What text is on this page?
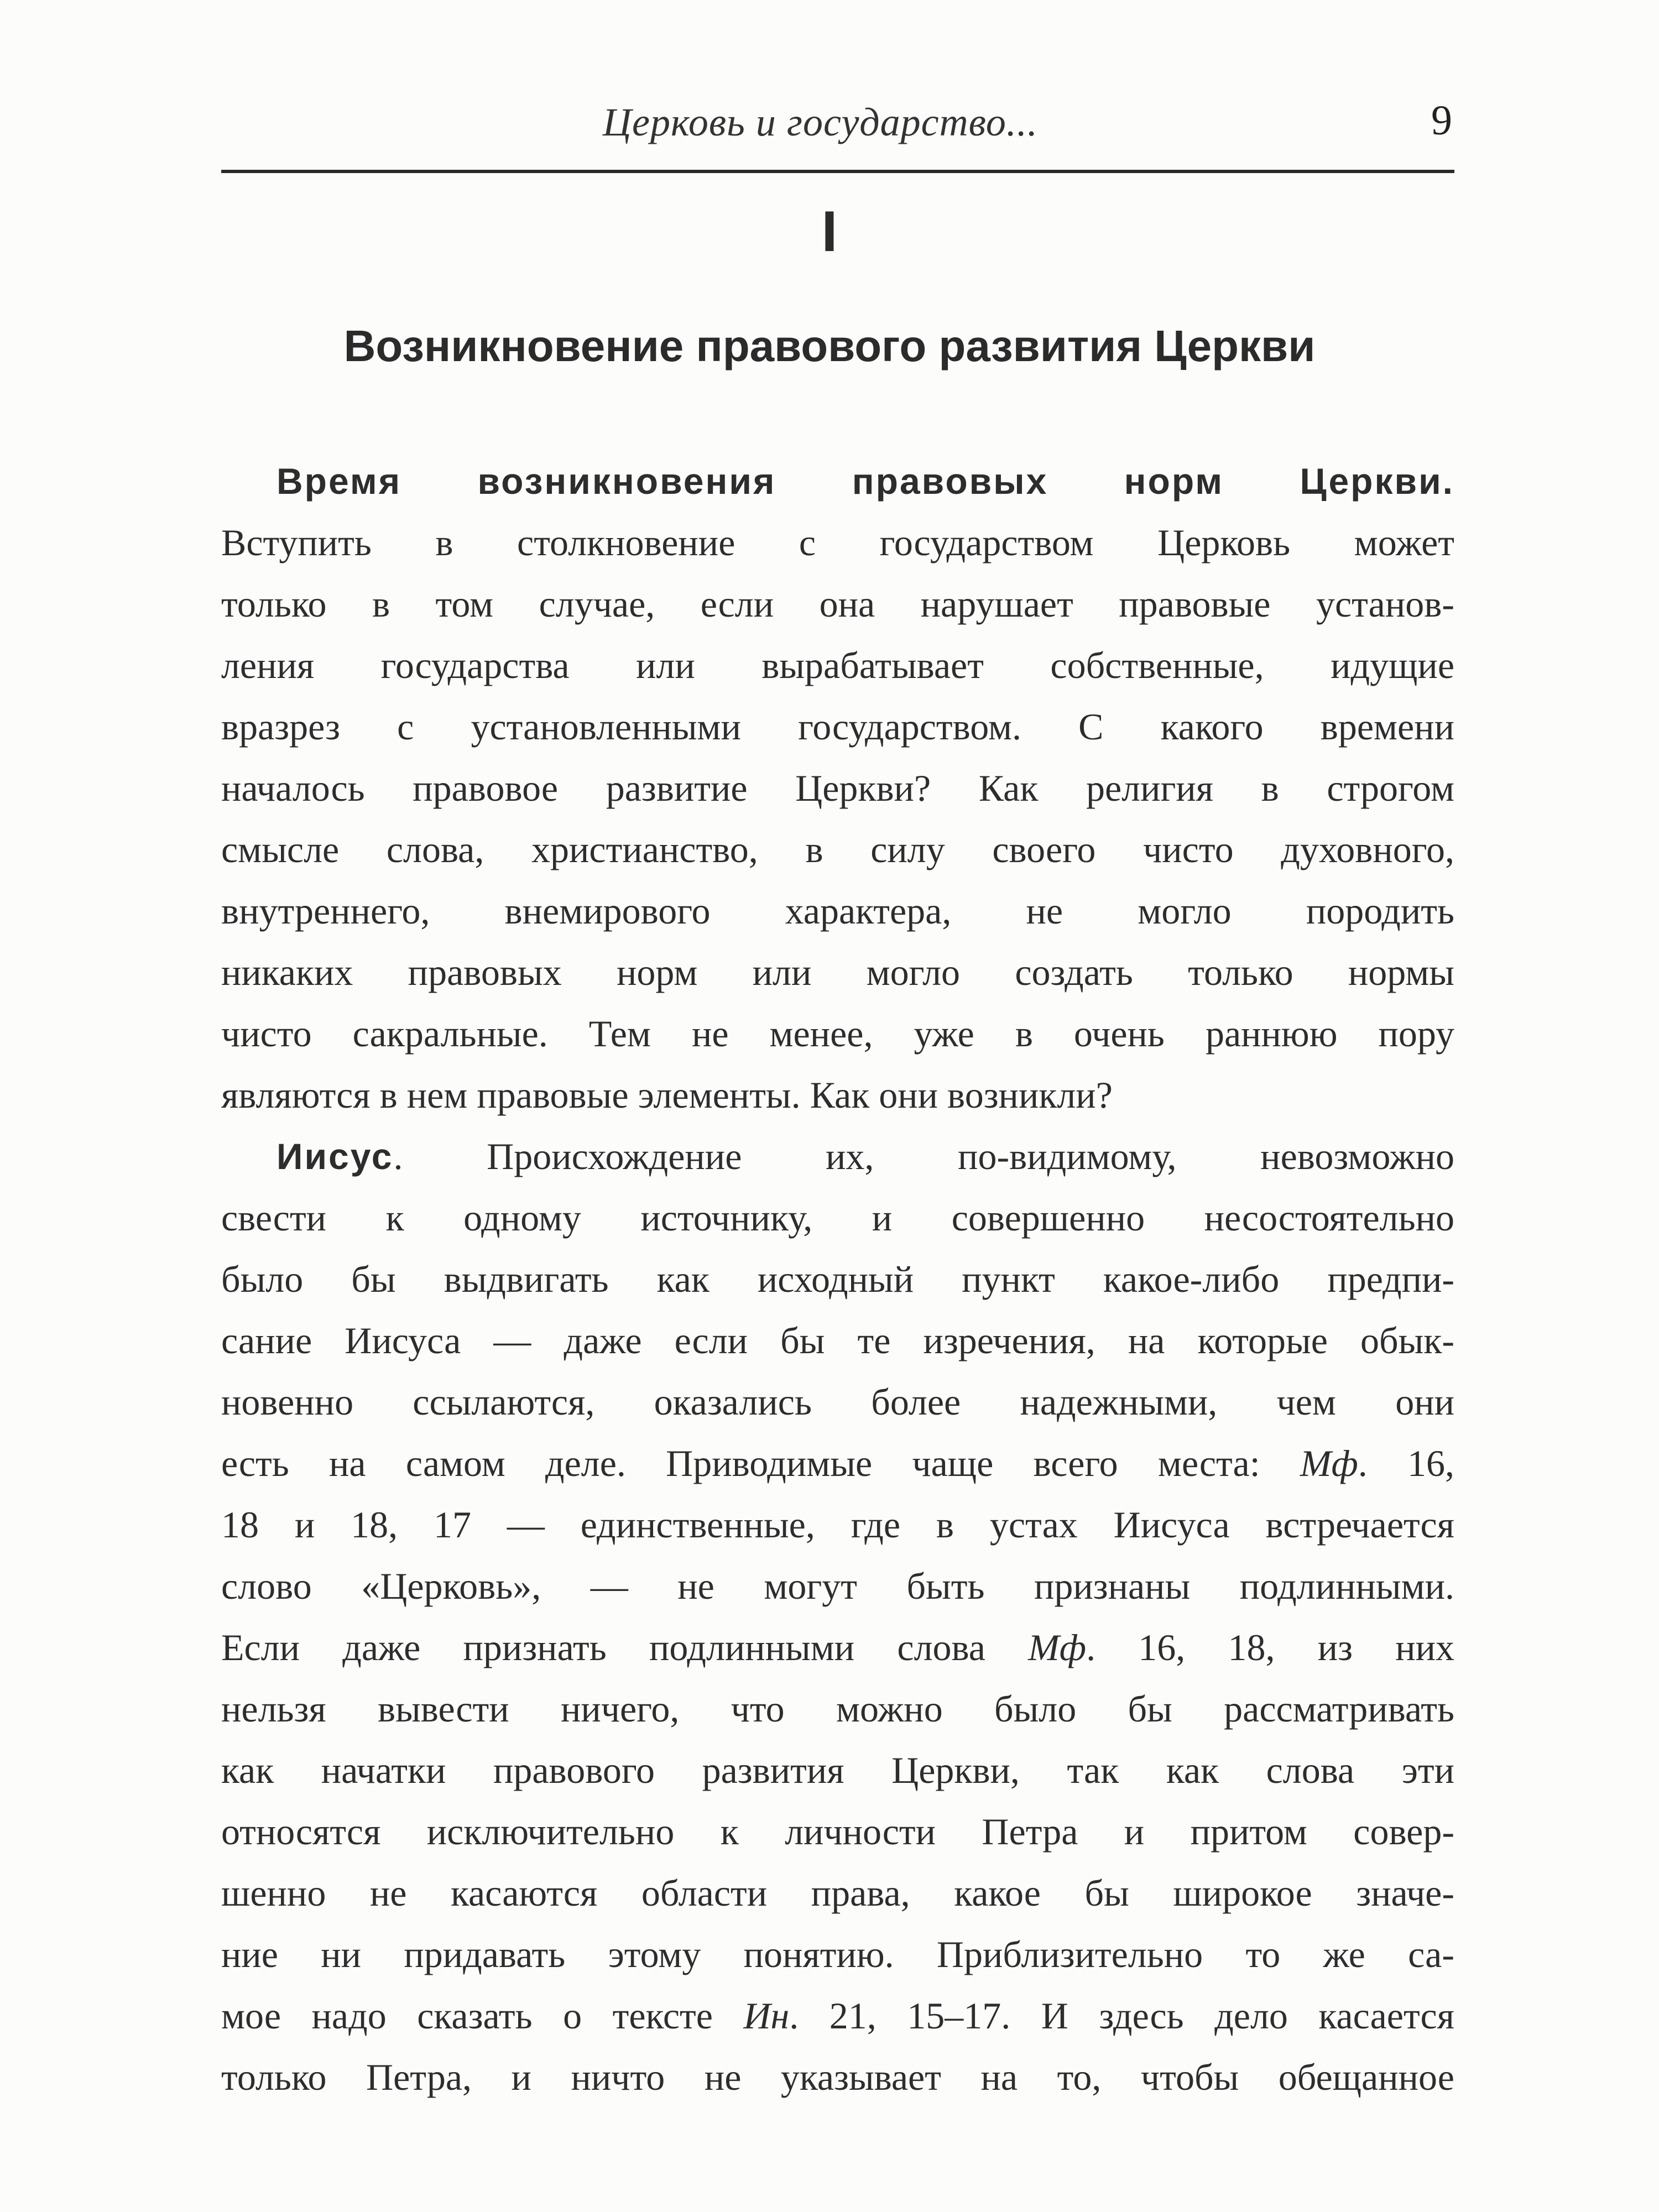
Церковь и государство...	9
I
Возникновение правового развития Церкви
Время возникновения правовых норм Церкви.
Вступить в столкновение с государством Церковь может
только в том случае, если она нарушает правовые установ-
ления государства или вырабатывает собственные, идущие
вразрез с установленными государством. С какого времени
началось правовое развитие Церкви? Как религия в строгом
смысле слова, христианство, в силу своего чисто духовного,
внутреннего, внемирового характера, не могло породить
никаких правовых норм или могло создать только нормы
чисто сакральные. Тем не менее, уже в очень раннюю пору
являются в нем правовые элементы. Как они возникли?
Иисус. Происхождение их, по-видимому, невозможно
свести к одному источнику, и совершенно несостоятельно
было бы выдвигать как исходный пункт какое-либо предпи-
сание Иисуса — даже если бы те изречения, на которые обык-
новенно ссылаются, оказались более надежными, чем они
есть на самом деле. Приводимые чаще всего места: Мф. 16,
18 и 18, 17 — единственные, где в устах Иисуса встречается
слово «Церковь», — не могут быть признаны подлинными.
Если даже признать подлинными слова Мф. 16, 18, из них
нельзя вывести ничего, что можно было бы рассматривать
как начатки правового развития Церкви, так как слова эти
относятся исключительно к личности Петра и притом совер-
шенно не касаются области права, какое бы широкое значе-
ние ни придавать этому понятию. Приблизительно то же са-
мое надо сказать о тексте Ин. 21, 15–17. И здесь дело касается
только Петра, и ничто не указывает на то, чтобы обещанное
